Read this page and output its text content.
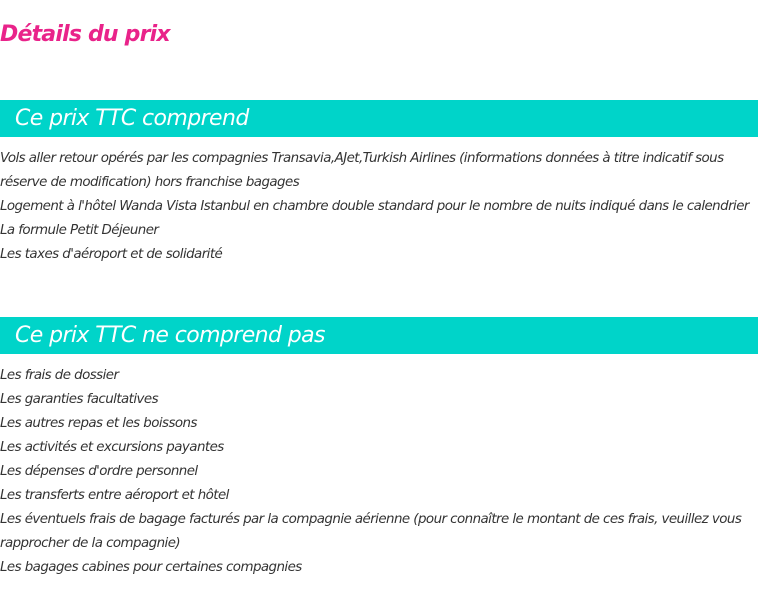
Détails du prix
Ce prix TTC comprend
Vols aller retour opérés par les compagnies Transavia,AJet,Turkish Airlines (informations données à titre indicatif sous réserve de modification) hors franchise bagages
Logement à l'hôtel Wanda Vista Istanbul en chambre double standard pour le nombre de nuits indiqué dans le calendrier
La formule Petit Déjeuner
Les taxes d'aéroport et de solidarité
Ce prix TTC ne comprend pas
Les frais de dossier
Les garanties facultatives
Les autres repas et les boissons
Les activités et excursions payantes
Les dépenses d'ordre personnel
Les transferts entre aéroport et hôtel
Les éventuels frais de bagage facturés par la compagnie aérienne (pour connaître le montant de ces frais, veuillez vous rapprocher de la compagnie)
Les bagages cabines pour certaines compagnies
